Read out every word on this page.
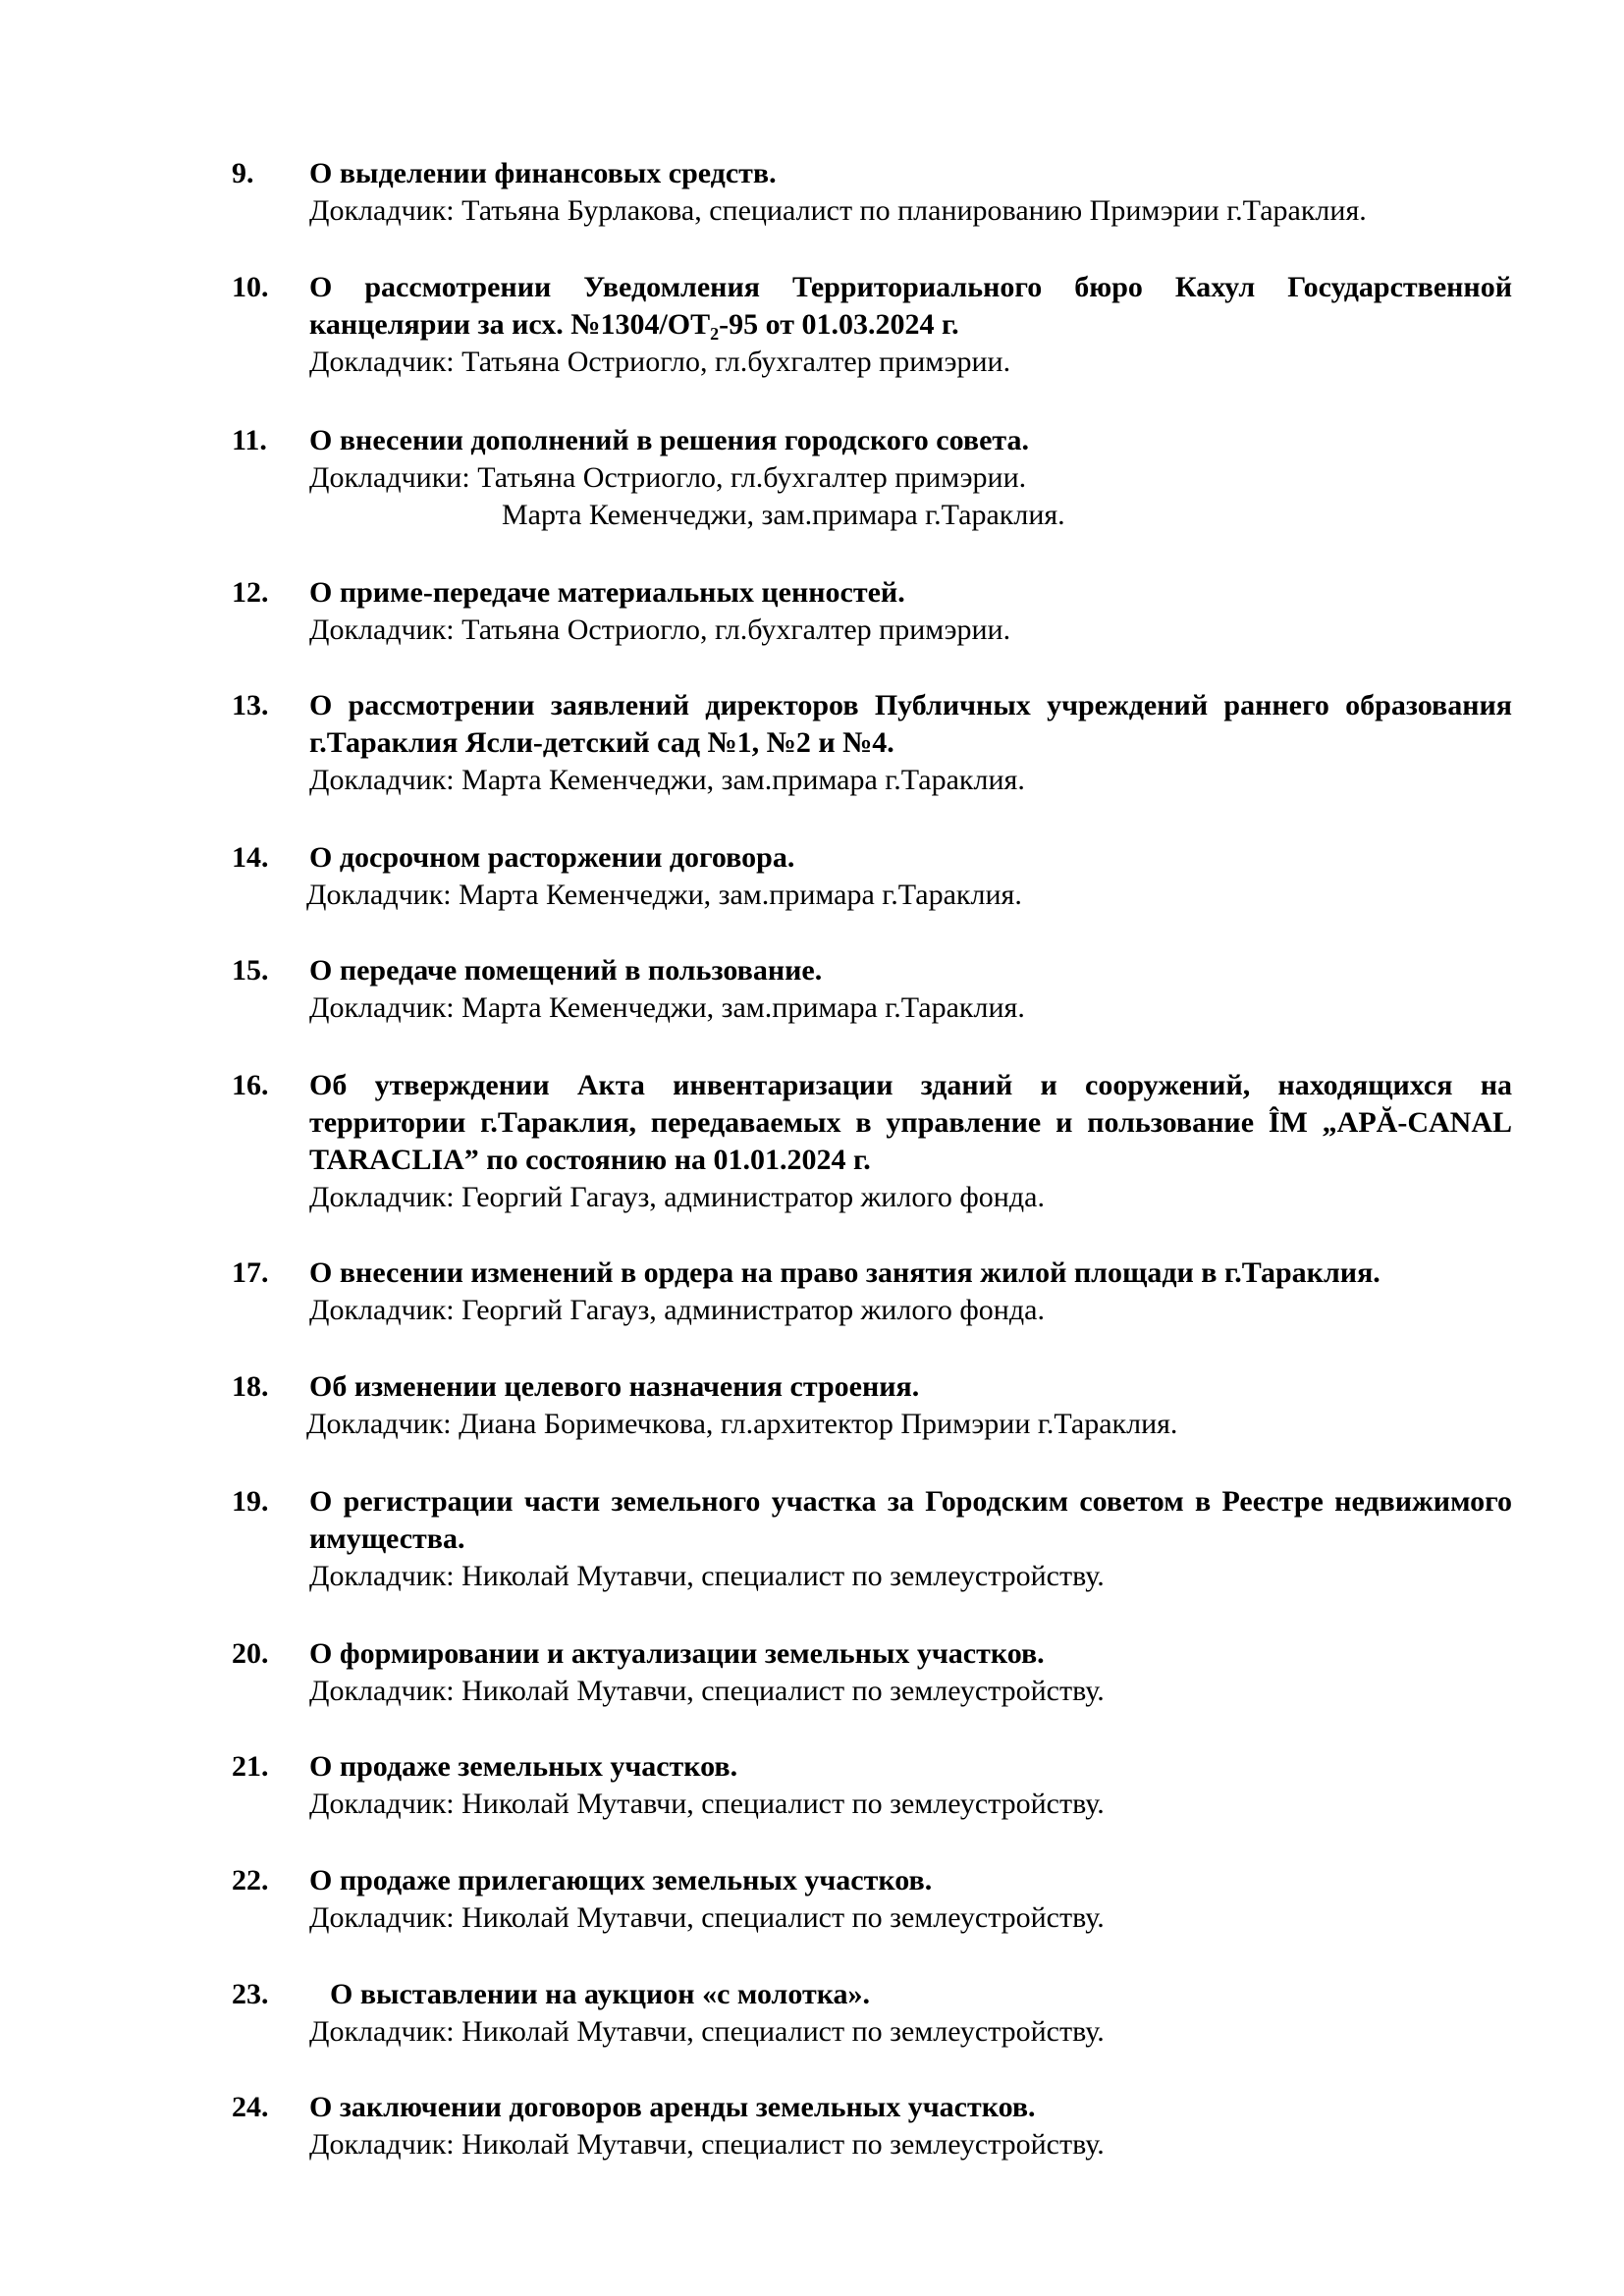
9. О выделении финансовых средств.
Докладчик: Татьяна Бурлакова, специалист по планированию Примэрии г.Тараклия.
10. О рассмотрении Уведомления Территориального бюро Кахул Государственной канцелярии за исх. №1304/OT₂-95 от 01.03.2024 г.
Докладчик: Татьяна Остриогло, гл.бухгалтер примэрии.
11. О внесении дополнений в решения городского совета.
Докладчики: Татьяна Остриогло, гл.бухгалтер примэрии.
Марта Кеменчеджи, зам.примара г.Тараклия.
12. О приме-передаче материальных ценностей.
Докладчик: Татьяна Остриогло, гл.бухгалтер примэрии.
13. О рассмотрении заявлений директоров Публичных учреждений раннего образования г.Тараклия Ясли-детский сад №1, №2 и №4.
Докладчик: Марта Кеменчеджи, зам.примара г.Тараклия.
14. О досрочном расторжении договора.
Докладчик: Марта Кеменчеджи, зам.примара г.Тараклия.
15. О передаче помещений в пользование.
Докладчик: Марта Кеменчеджи, зам.примара г.Тараклия.
16. Об утверждении Акта инвентаризации зданий и сооружений, находящихся на территории г.Тараклия, передаваемых в управление и пользование ÎM „APĂ-CANAL TARACLIA” по состоянию на 01.01.2024 г.
Докладчик: Георгий Гагауз, администратор жилого фонда.
17. О внесении изменений в ордера на право занятия жилой площади в г.Тараклия.
Докладчик: Георгий Гагауз, администратор жилого фонда.
18. Об изменении целевого назначения строения.
Докладчик: Диана Боримечкова, гл.архитектор Примэрии г.Тараклия.
19. О регистрации части земельного участка за Городским советом в Реестре недвижимого имущества.
Докладчик: Николай Мутавчи, специалист по землеустройству.
20. О формировании и актуализации земельных участков.
Докладчик: Николай Мутавчи, специалист по землеустройству.
21. О продаже земельных участков.
Докладчик: Николай Мутавчи, специалист по землеустройству.
22. О продаже прилегающих земельных участков.
Докладчик: Николай Мутавчи, специалист по землеустройству.
23. О выставлении на аукцион «с молотка».
Докладчик: Николай Мутавчи, специалист по землеустройству.
24. О заключении договоров аренды земельных участков.
Докладчик: Николай Мутавчи, специалист по землеустройству.
